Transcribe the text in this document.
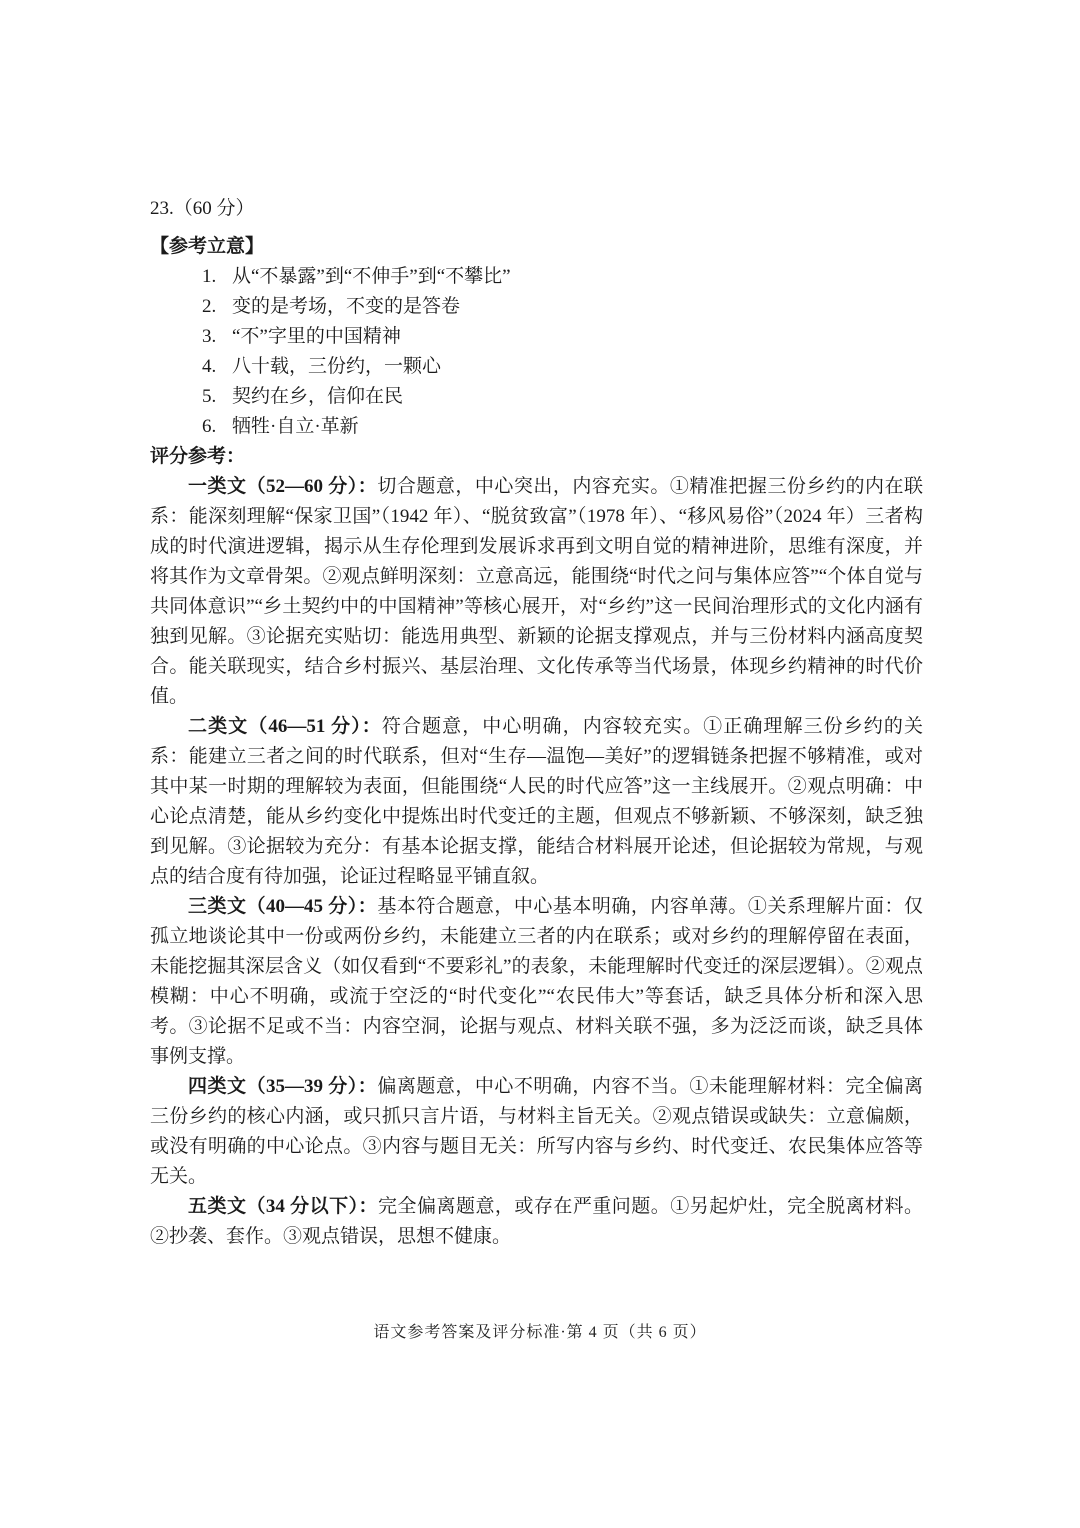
23.（60 分）
【参考立意】
1. 从“不暴露”到“不伸手”到“不攀比”
2. 变的是考场，不变的是答卷
3. “不”字里的中国精神
4. 八十载，三份约，一颗心
5. 契约在乡，信仰在民
6. 牺牲·自立·革新
评分参考：

一类文（52—60 分）：切合题意，中心突出，内容充实。①精准把握三份乡约的内在联系：能深刻理解“保家卫国”（1942 年）、“脱贫致富”（1978 年）、“移风易俗”（2024 年）三者构成的时代演进逻辑，揭示从生存伦理到发展诉求再到文明自觉的精神进阶，思维有深度，并将其作为文章骨架。②观点鲜明深刻：立意高远，能围绕“时代之问与集体应答”“个体自觉与共同体意识”“乡土契约中的中国精神”等核心展开，对“乡约”这一民间治理形式的文化内涵有独到见解。③论据充实贴切：能选用典型、新颖的论据支撑观点，并与三份材料内涵高度契合。能关联现实，结合乡村振兴、基层治理、文化传承等当代场景，体现乡约精神的时代价值。

二类文（46—51 分）：符合题意，中心明确，内容较充实。①正确理解三份乡约的关系：能建立三者之间的时代联系，但对“生存—温饱—美好”的逻辑链条把握不够精准，或对其中某一时期的理解较为表面，但能围绕“人民的时代应答”这一主线展开。②观点明确：中心论点清楚，能从乡约变化中提炼出时代变迁的主题，但观点不够新颖、不够深刻，缺乏独到见解。③论据较为充分：有基本论据支撑，能结合材料展开论述，但论据较为常规，与观点的结合度有待加强，论证过程略显平铺直叙。

三类文（40—45 分）：基本符合题意，中心基本明确，内容单薄。①关系理解片面：仅孤立地谈论其中一份或两份乡约，未能建立三者的内在联系；或对乡约的理解停留在表面，未能挖掘其深层含义（如仅看到“不要彩礼”的表象，未能理解时代变迁的深层逻辑）。②观点模糊：中心不明确，或流于空泛的“时代变化”“农民伟大”等套话，缺乏具体分析和深入思考。③论据不足或不当：内容空洞，论据与观点、材料关联不强，多为泛泛而谈，缺乏具体事例支撑。

四类文（35—39 分）：偏离题意，中心不明确，内容不当。①未能理解材料：完全偏离三份乡约的核心内涵，或只抓只言片语，与材料主旨无关。②观点错误或缺失：立意偏颇，或没有明确的中心论点。③内容与题目无关：所写内容与乡约、时代变迁、农民集体应答等无关。

五类文（34 分以下）：完全偏离题意，或存在严重问题。①另起炉灶，完全脱离材料。②抄袭、套作。③观点错误，思想不健康。

语文参考答案及评分标准·第 4 页（共 6 页）
